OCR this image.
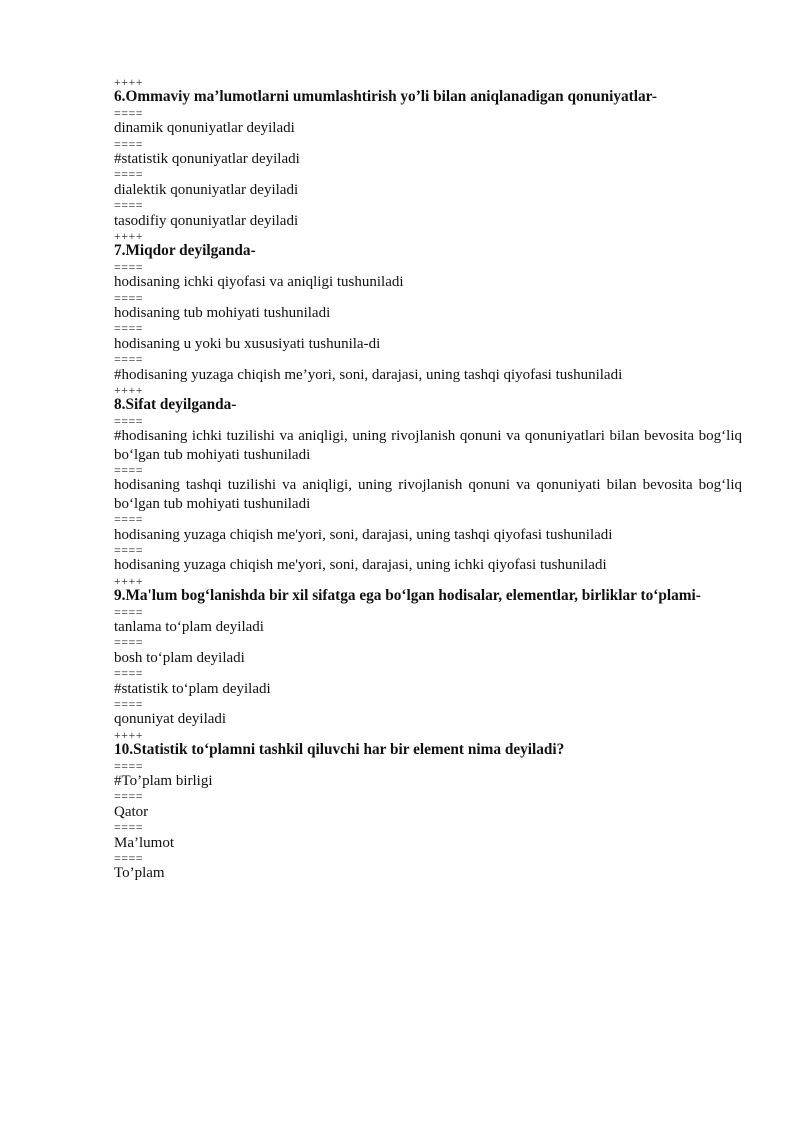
++++
6.Ommaviy ma’lumotlarni umumlashtirish yo’li bilan aniqlanadigan qonuniyatlar-
====
dinamik qonuniyatlar deyiladi
====
#statistik qonuniyatlar deyiladi
====
dialektik qonuniyatlar deyiladi
====
tasodifiy qonuniyatlar deyiladi
++++
7.Miqdor deyilganda-
====
hodisaning ichki qiyofasi va aniqligi tushuniladi
====
hodisaning tub mohiyati tushuniladi
====
hodisaning u yoki bu xususiyati tushunila-di
====
#hodisaning yuzaga chiqish me’yori, soni, darajasi, uning tashqi qiyofasi tushuniladi
++++
8.Sifat deyilganda-
====
#hodisaning ichki tuzilishi va aniqligi, uning rivojlanish qonuni va qonuniyatlari bilan bevosita bog‘liq bo‘lgan tub mohiyati tushuniladi
====
hodisaning tashqi tuzilishi va aniqligi, uning rivojlanish qonuni va qonuniyati bilan bevosita bog‘liq bo‘lgan tub mohiyati tushuniladi
====
hodisaning yuzaga chiqish me'yori, soni, darajasi, uning tashqi qiyofasi tushuniladi
====
hodisaning yuzaga chiqish me'yori, soni, darajasi, uning ichki qiyofasi tushuniladi
++++
9.Ma'lum bog‘lanishda bir xil sifatga ega bo‘lgan hodisalar, elementlar, birliklar to‘plami-
====
tanlama to‘plam deyiladi
====
bosh to‘plam deyiladi
====
#statistik to‘plam deyiladi
====
qonuniyat deyiladi
++++
10.Statistik to‘plamni tashkil qiluvchi har bir element nima deyiladi?
====
#To’plam birligi
====
Qator
====
Ma’lumot
====
To’plam
